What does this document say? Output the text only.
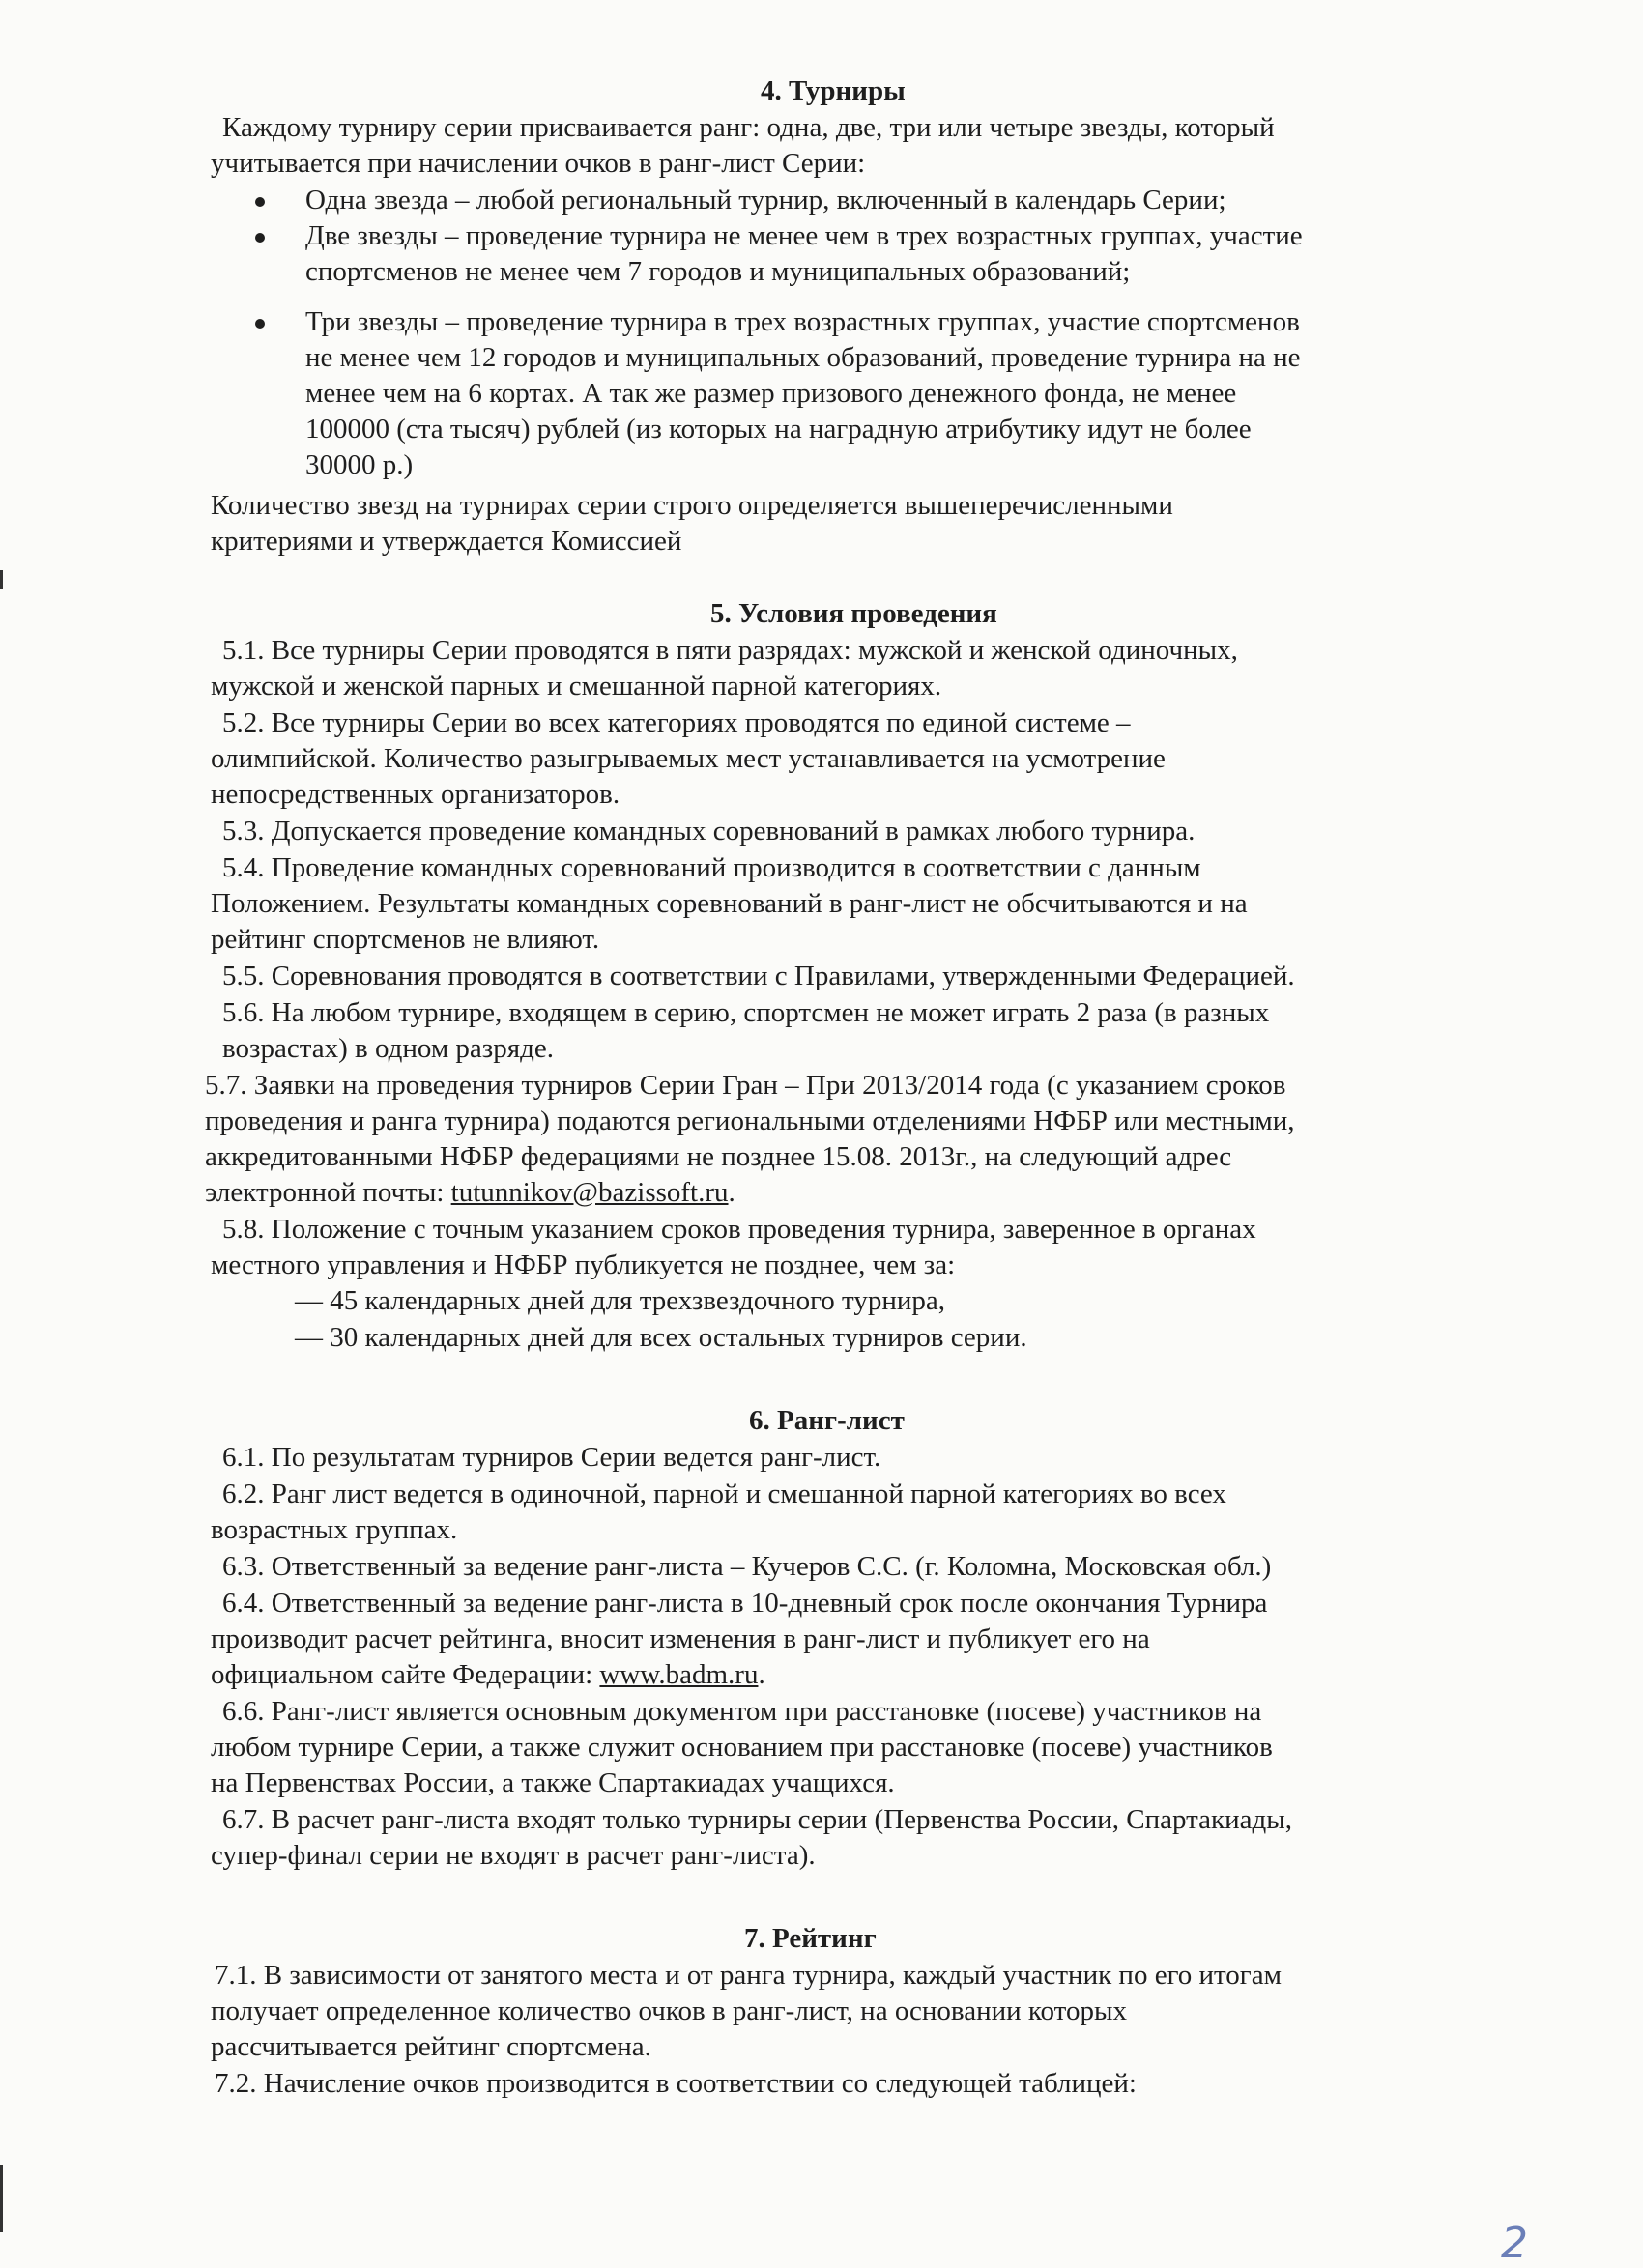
4. Турниры
Каждому турниру серии присваивается ранг: одна, две, три или четыре звезды, который
учитывается при начислении очков в ранг-лист Серии:
Одна звезда – любой региональный турнир, включенный в календарь Серии;
Две звезды – проведение турнира не менее чем в трех возрастных группах, участие
спортсменов не менее чем 7 городов и муниципальных образований;
Три звезды – проведение турнира в трех возрастных группах, участие спортсменов
не менее чем 12 городов и муниципальных образований, проведение турнира на не
менее чем на 6 кортах. А так же размер призового денежного фонда, не менее
100000 (ста тысяч) рублей (из которых на наградную атрибутику идут не более
30000 р.)
Количество звезд на турнирах серии строго определяется вышеперечисленными
критериями и утверждается Комиссией
5. Условия проведения
5.1. Все турниры Серии проводятся в пяти разрядах: мужской и женской одиночных,
мужской и женской парных и смешанной парной категориях.
5.2. Все турниры Серии во всех категориях проводятся по единой системе –
олимпийской. Количество разыгрываемых мест устанавливается на усмотрение
непосредственных организаторов.
5.3. Допускается проведение командных соревнований в рамках любого турнира.
5.4. Проведение командных соревнований производится в соответствии с данным
Положением. Результаты командных соревнований в ранг-лист не обсчитываются и на
рейтинг спортсменов не влияют.
5.5. Соревнования проводятся в соответствии с Правилами, утвержденными Федерацией.
5.6. На любом турнире, входящем в серию, спортсмен не может играть 2 раза (в разных
возрастах) в одном разряде.
5.7. Заявки на проведения турниров Серии Гран – При 2013/2014 года (с указанием сроков
проведения и ранга турнира) подаются региональными отделениями НФБР или местными,
аккредитованными НФБР федерациями не позднее 15.08. 2013г., на следующий адрес
электронной почты: tutunnikov@bazissoft.ru.
5.8. Положение с точным указанием сроков проведения турнира, заверенное в органах
местного управления и НФБР публикуется не позднее, чем за:
— 45 календарных дней для трехзвездочного турнира,
— 30 календарных дней для всех остальных турниров серии.
6. Ранг-лист
6.1. По результатам турниров Серии ведется ранг-лист.
6.2. Ранг лист ведется в одиночной, парной и смешанной парной категориях во всех
возрастных группах.
6.3. Ответственный за ведение ранг-листа – Кучеров С.С. (г. Коломна, Московская обл.)
6.4. Ответственный за ведение ранг-листа в 10-дневный срок после окончания Турнира
производит расчет рейтинга, вносит изменения в ранг-лист и публикует его на
официальном сайте Федерации: www.badm.ru.
6.6. Ранг-лист является основным документом при расстановке (посеве) участников на
любом турнире Серии, а также служит основанием при расстановке (посеве) участников
на Первенствах России, а также Спартакиадах учащихся.
6.7. В расчет ранг-листа входят только турниры серии (Первенства России, Спартакиады,
супер-финал серии не входят в расчет ранг-листа).
7. Рейтинг
7.1. В зависимости от занятого места и от ранга турнира, каждый участник по его итогам
получает определенное количество очков в ранг-лист, на основании которых
рассчитывается рейтинг спортсмена.
7.2. Начисление очков производится в соответствии со следующей таблицей:
2
